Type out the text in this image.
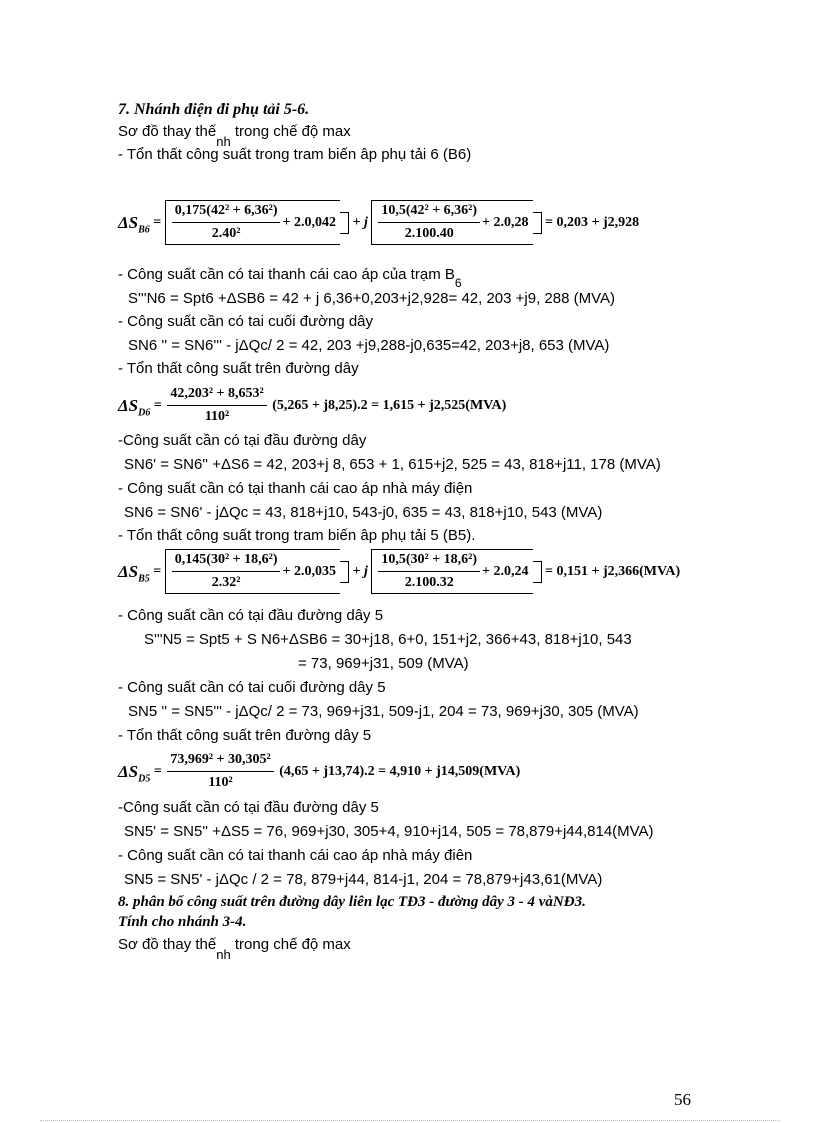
7. Nhánh điện đi phụ tải 5-6.
Sơ đồ thay thế$_{nh}$ trong chế độ max
- Tổn thất công suất trong tram biến âp phụ tải 6 (B6)
$\Delta S_{B6} = \frac{\text{0,175(42² + 6,36²)}}{\text{2.40²}} + 2.0,042 + j \frac{\text{10,5(42² + 6,36²)}}{2.100.40} + 2.0,28 = 0,203 + j2,928$
- Công suất cần có tai thanh cái cao áp của trạm $B_6$
S'''N6 = Spt6 +ΔSB6 = 42 + j 6,36+0,203+j2,928= 42, 203 +j9, 288 (MVA)
- Công suất cần có tai cuối đường dây
SN6 '' = SN6''' - jΔQc/ 2 = 42, 203 +j9,288-j0,635=42, 203+j8, 653 (MVA)
- Tổn thất công suất trên đường dây
$\Delta S_{D6} = \frac{\text{42,203² + 8,653²}}{\text{110²}} (5,265 + j8,25).2 = 1,615 + j2,525(MVA)$
-Công suất cần có tại đầu đường dây
SN6' = SN6'' +ΔS6 = 42, 203+j 8, 653 + 1, 615+j2, 525 = 43, 818+j11, 178 (MVA)
- Công suất cần có tại thanh cái cao áp nhà máy điện
SN6 = SN6' - jΔQc = 43, 818+j10, 543-j0, 635 = 43, 818+j10, 543 (MVA)
- Tổn thất công suất trong tram biến âp phụ tải 5 (B5).
$\Delta S_{B5} = \frac{\text{0,145(30² + 18,6²)}}{\text{2.32²}} + 2.0,035 + j \frac{\text{10,5(30² + 18,6²)}}{2.100.32} + 2.0,24 = 0,151 + j2,366(MVA)$
- Công suất cần có tại đầu đường dây 5
S'''N5 = Spt5 + S N6+ΔSB6 = 30+j18, 6+0, 151+j2, 366+43, 818+j10, 543
= 73, 969+j31, 509 (MVA)
- Công suất cần có tai cuối đường dây 5
SN5 '' = SN5''' - jΔQc/ 2 = 73, 969+j31, 509-j1, 204 = 73, 969+j30, 305 (MVA)
- Tổn thất công suất trên đường dây 5
$\Delta S_{D5} = \frac{\text{73,969² + 30,305²}}{\text{110²}} (4,65 + j13,74).2 = 4,910 + j14,509(MVA)$
-Công suất cần có tại đầu đường dây 5
SN5' = SN5'' +ΔS5 = 76, 969+j30, 305+4, 910+j14, 505 = 78,879+j44,814(MVA)
- Công suất cần có tai thanh cái cao áp nhà máy điên
SN5 = SN5' - jΔQc / 2 = 78, 879+j44, 814-j1, 204 = 78,879+j43,61(MVA)
8. phân bố công suất trên đường dây liên lạc TĐ3 - đường dây 3 - 4 vàNĐ3.
Tính cho nhánh 3-4.
Sơ đồ thay thế$_{nh}$ trong chế độ max
56
